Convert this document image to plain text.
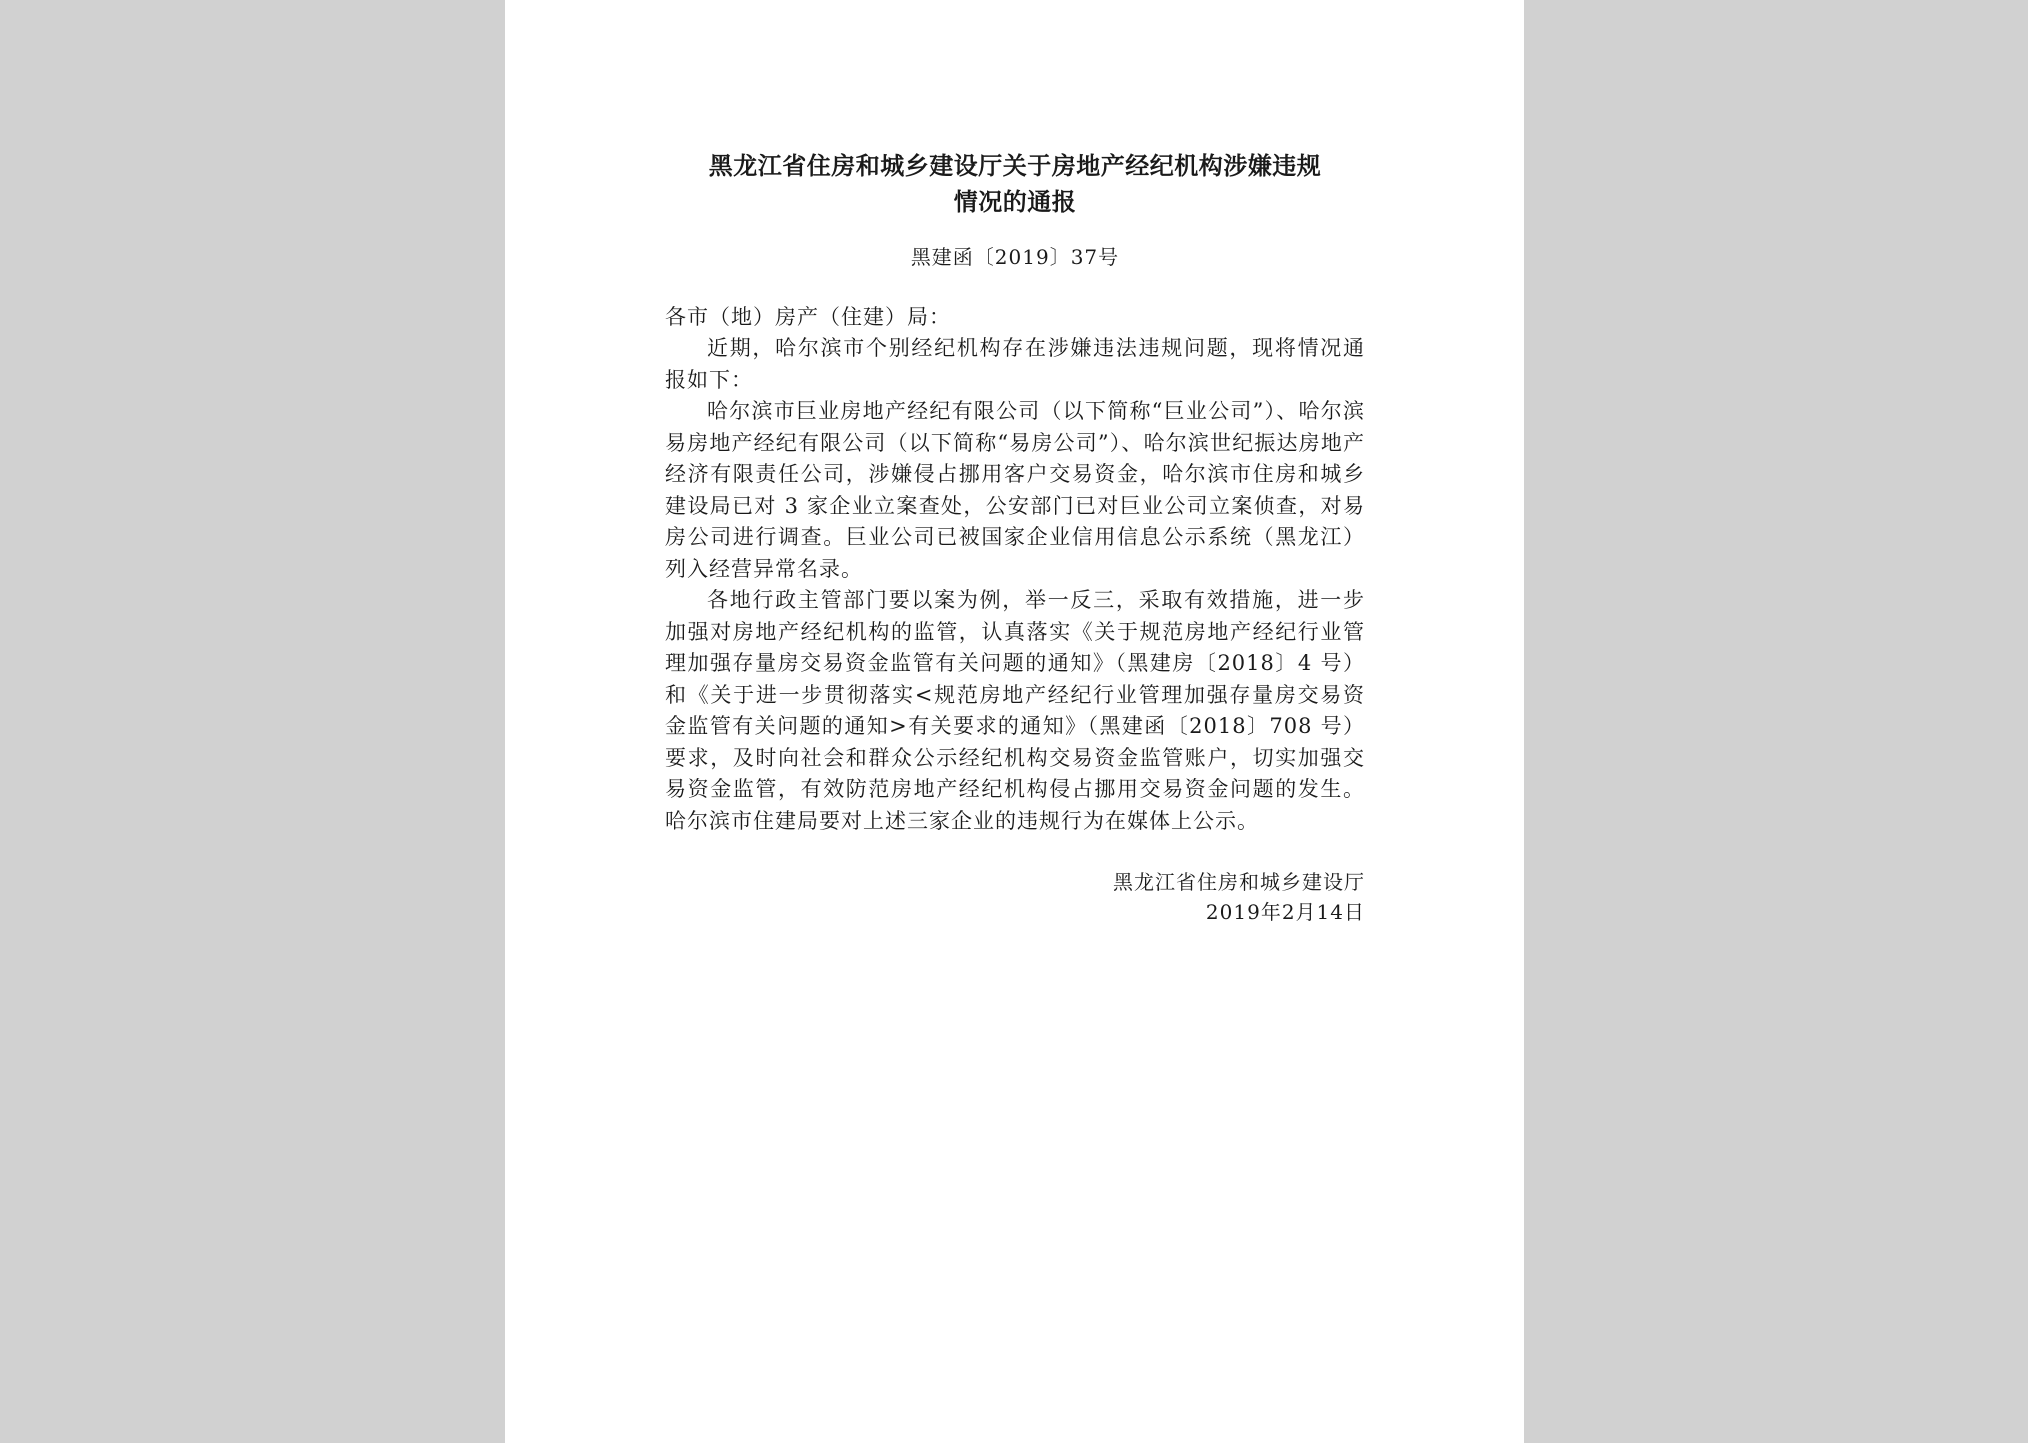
黑龙江省住房和城乡建设厅关于房地产经纪机构涉嫌违规
情况的通报
黑建函〔2019〕37号
各市（地）房产（住建）局：

近期，哈尔滨市个别经纪机构存在涉嫌违法违规问题，现将情况通报如下：

哈尔滨市巨业房地产经纪有限公司（以下简称“巨业公司”）、哈尔滨易房地产经纪有限公司（以下简称“易房公司”）、哈尔滨世纪振达房地产经济有限责任公司，涉嫌侵占挪用客户交易资金，哈尔滨市住房和城乡建设局已对 3 家企业立案查处，公安部门已对巨业公司立案侦查，对易房公司进行调查。巨业公司已被国家企业信用信息公示系统（黑龙江）列入经营异常名录。

各地行政主管部门要以案为例，举一反三，采取有效措施，进一步加强对房地产经纪机构的监管，认真落实《关于规范房地产经纪行业管理加强存量房交易资金监管有关问题的通知》（黑建房〔2018〕4 号）和《关于进一步贯彻落实<规范房地产经纪行业管理加强存量房交易资金监管有关问题的通知>有关要求的通知》（黑建函〔2018〕708 号）要求，及时向社会和群众公示经纪机构交易资金监管账户，切实加强交易资金监管，有效防范房地产经纪机构侵占挪用交易资金问题的发生。哈尔滨市住建局要对上述三家企业的违规行为在媒体上公示。

黑龙江省住房和城乡建设厅
2019年2月14日
